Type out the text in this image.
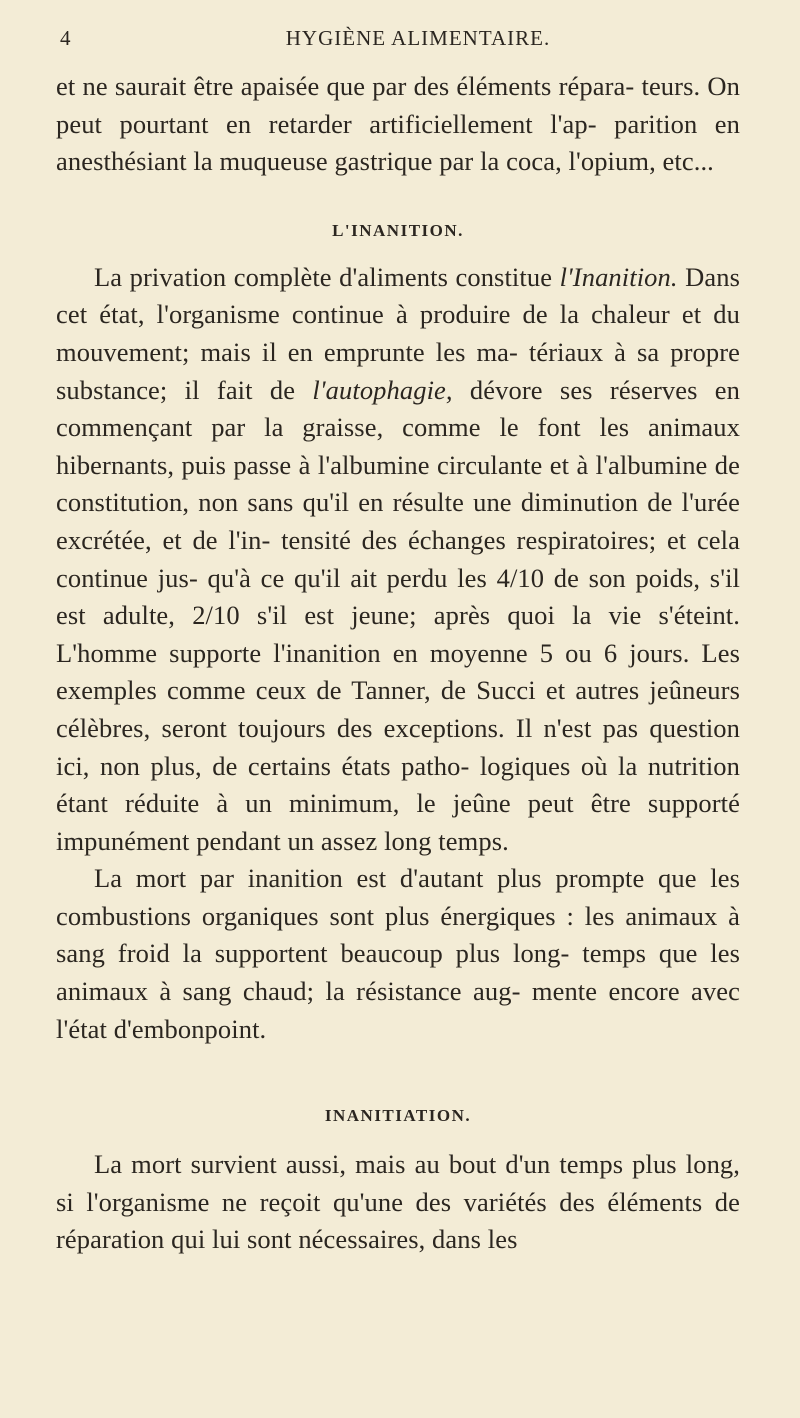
4	HYGIÈNE ALIMENTAIRE.

et ne saurait être apaisée que par des éléments répara- teurs. On peut pourtant en retarder artificiellement l'ap- parition en anesthésiant la muqueuse gastrique par la coca, l'opium, etc...

L'INANITION.

La privation complète d'aliments constitue l'Inanition. Dans cet état, l'organisme continue à produire de la chaleur et du mouvement; mais il en emprunte les ma- tériaux à sa propre substance; il fait de l'autophagie, dévore ses réserves en commençant par la graisse, comme le font les animaux hibernants, puis passe à l'albumine circulante et à l'albumine de constitution, non sans qu'il en résulte une diminution de l'urée excrétée, et de l'in- tensité des échanges respiratoires; et cela continue jus- qu'à ce qu'il ait perdu les 4/10 de son poids, s'il est adulte, 2/10 s'il est jeune; après quoi la vie s'éteint. L'homme supporte l'inanition en moyenne 5 ou 6 jours. Les exemples comme ceux de Tanner, de Succi et autres jeûneurs célèbres, seront toujours des exceptions. Il n'est pas question ici, non plus, de certains états patho- logiques où la nutrition étant réduite à un minimum, le jeûne peut être supporté impunément pendant un assez long temps.

La mort par inanition est d'autant plus prompte que les combustions organiques sont plus énergiques : les animaux à sang froid la supportent beaucoup plus long- temps que les animaux à sang chaud; la résistance aug- mente encore avec l'état d'embonpoint.

INANITIATION.

La mort survient aussi, mais au bout d'un temps plus long, si l'organisme ne reçoit qu'une des variétés des éléments de réparation qui lui sont nécessaires, dans les
